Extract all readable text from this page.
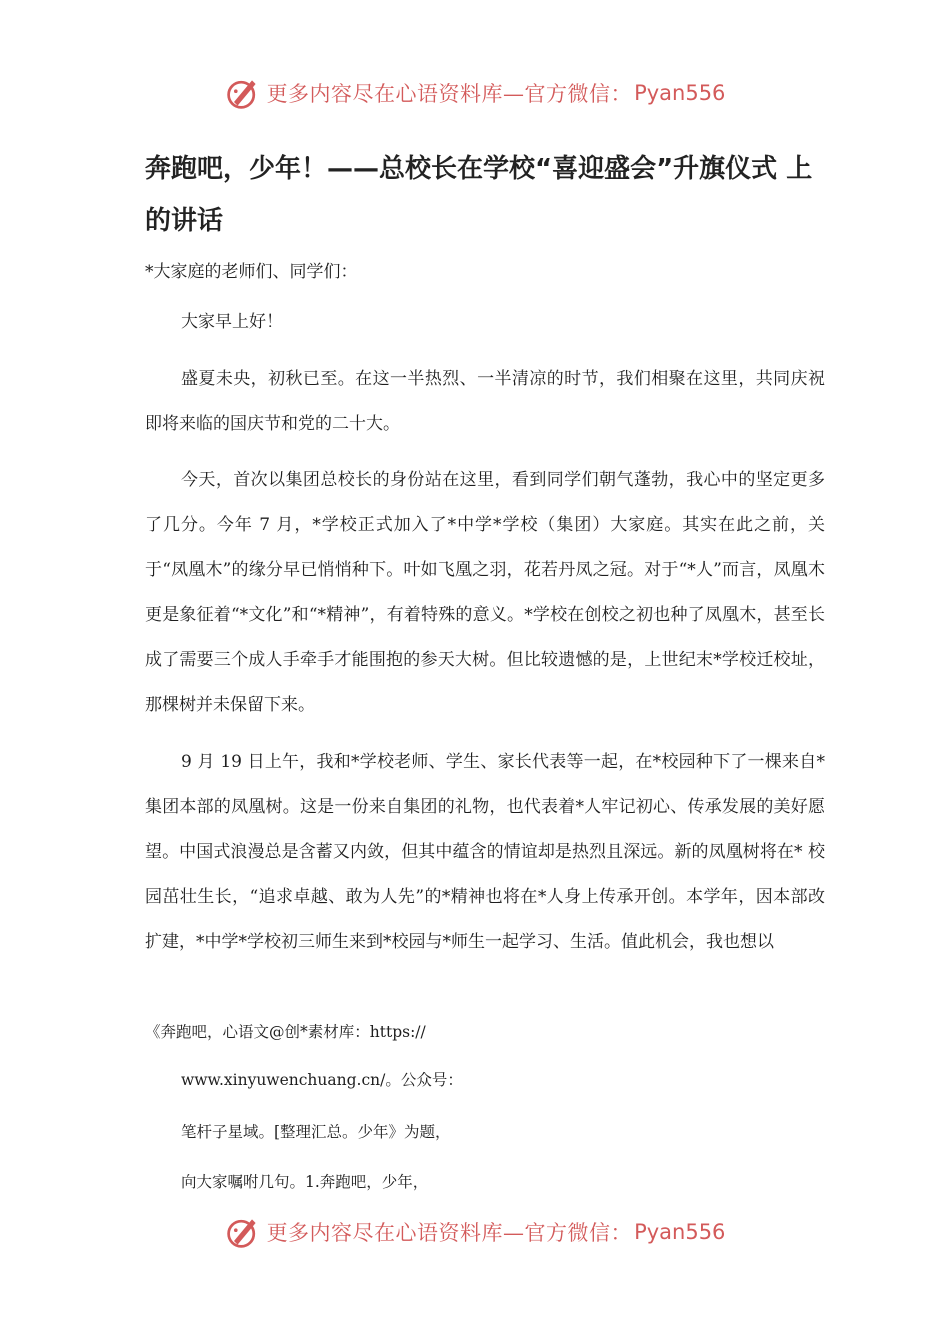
更多内容尽在心语资料库—官方微信： Pyan556
奔跑吧，少年！——总校长在学校“喜迎盛会”升旗仪式 上的讲话
*大家庭的老师们、同学们：
大家早上好！
盛夏未央，初秋已至。在这一半热烈、一半清凉的时节，我们相聚在这里，共同庆祝即将来临的国庆节和党的二十大。
今天，首次以集团总校长的身份站在这里，看到同学们朝气蓬勃，我心中的坚定更多了几分。今年 7 月，*学校正式加入了*中学*学校（集团）大家庭。其实在此之前，关于“凤凰木”的缘分早已悄悄种下。叶如飞凰之羽，花若丹凤之冠。对于“*人”而言，凤凰木更是象征着“*文化”和“*精神”，有着特殊的意义。*学校在创校之初也种了凤凰木，甚至长成了需要三个成人手牵手才能围抱的参天大树。但比较遗憾的是，上世纪末*学校迁校址， 那棵树并未保留下来。
9 月 19 日上午，我和*学校老师、学生、家长代表等一起，在*校园种下了一棵来自* 集团本部的凤凰树。这是一份来自集团的礼物，也代表着*人牢记初心、传承发展的美好愿望。中国式浪漫总是含蓄又内敛，但其中蕴含的情谊却是热烈且深远。新的凤凰树将在* 校园茁壮生长，“追求卓越、敢为人先”的*精神也将在*人身上传承开创。本学年，因本部改扩建，*中学*学校初三师生来到*校园与*师生一起学习、生活。值此机会，我也想以
《奔跑吧，心语文@创*素材库：https://
www.xinyuwenchuang.cn/。公众号：
笔杆子星域。[整理汇总。少年》为题，
向大家嘱咐几句。1.奔跑吧，少年，
更多内容尽在心语资料库—官方微信： Pyan556
